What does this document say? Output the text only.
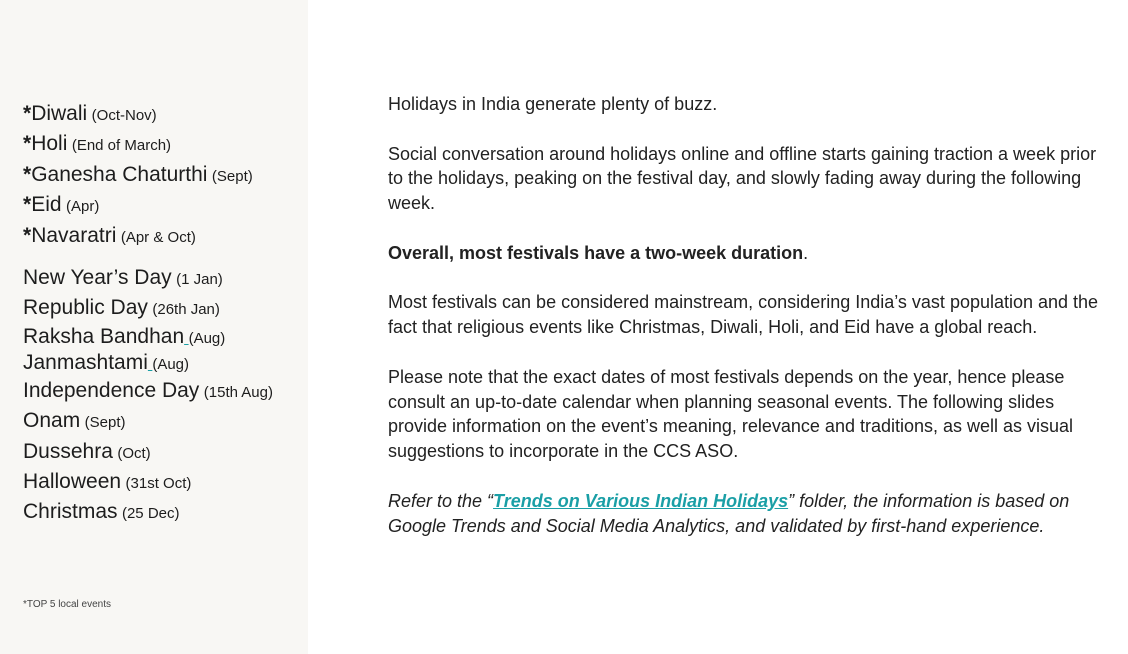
*Diwali (Oct-Nov)
*Holi (End of March)
*Ganesha Chaturthi (Sept)
*Eid (Apr)
*Navaratri (Apr & Oct)
New Year’s Day (1 Jan)
Republic Day (26th Jan)
Raksha Bandhan (Aug)
Janmashtami (Aug)
Independence Day (15th Aug)
Onam (Sept)
Dussehra (Oct)
Halloween (31st Oct)
Christmas (25 Dec)
*TOP 5 local events

Holidays in India generate plenty of buzz.

Social conversation around holidays online and offline starts gaining traction a week prior to the holidays, peaking on the festival day, and slowly fading away during the following week.

Overall, most festivals have a two-week duration.

Most festivals can be considered mainstream, considering India’s vast population and the fact that religious events like Christmas, Diwali, Holi, and Eid have a global reach.

Please note that the exact dates of most festivals depends on the year, hence please consult an up-to-date calendar when planning seasonal events. The following slides provide information on the event’s meaning, relevance and traditions, as well as visual suggestions to incorporate in the CCS ASO.

Refer to the “Trends on Various Indian Holidays” folder, the information is based on Google Trends and Social Media Analytics, and validated by first-hand experience.
